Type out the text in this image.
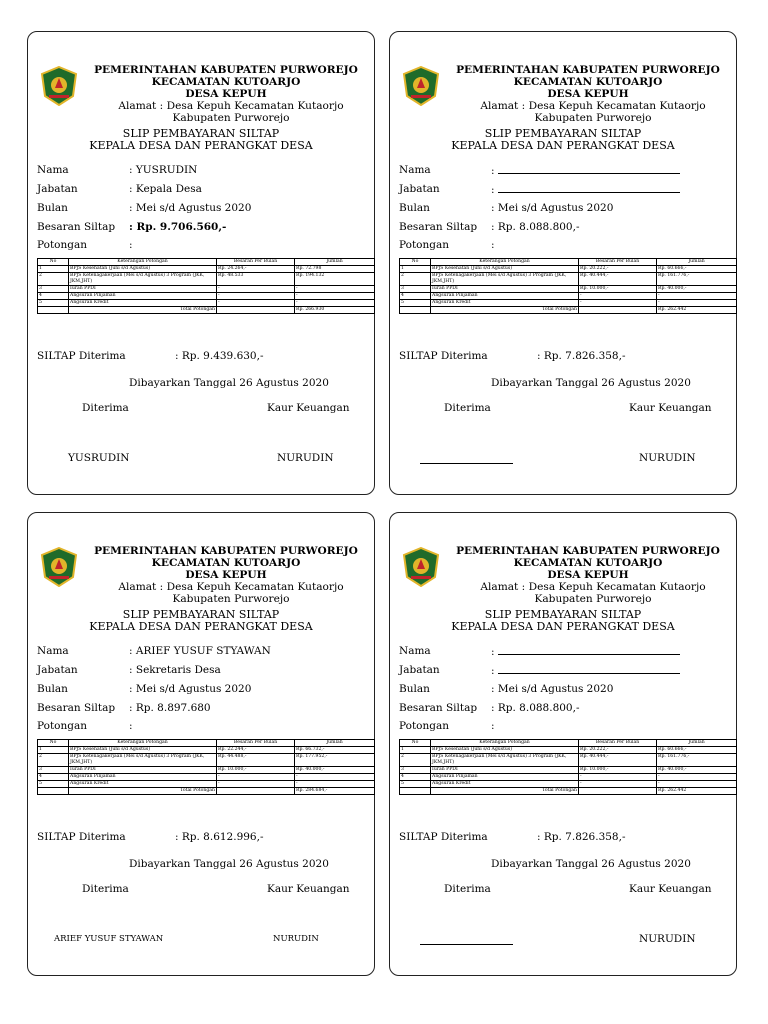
PEMERINTAHAN KABUPATEN PURWOREJO
KECAMATAN KUTOARJO
DESA KEPUH
Alamat : Desa Kepuh Kecamatan Kutaorjo
Kabupaten Purworejo
SLIP PEMBAYARAN SILTAP
KEPALA DESA DAN PERANGKAT DESA
Nama	: YUSRUDIN
Jabatan	: Kepala Desa
Bulan	: Mei s/d Agustus 2020
Besaran Siltap : Rp. 9.706.560,-
Potongan	:
No	Keterangan Potongan	Besaran Per Bulan	Jumlah
1	BPJS Kesehatan (Juni s/d Agustus)	Rp. 24.264,-	Rp. 72.798
2	BPJS Ketenagakerjaan (Mei s/d Agustus) 3 Program (JKK, JKM,JHT)	Rp. 48.533	Rp. 194.132
3	Iuran PPDI	-	-
4	Angsuran Pinjaman	-	-
5	Angsuran Kredit	-	-
	Total Potongan		Rp. 266.930
SILTAP Diterima	: Rp. 9.439.630,-
Dibayarkan Tanggal 26 Agustus 2020
Diterima	Kaur Keuangan
YUSRUDIN	NURUDIN
PEMERINTAHAN KABUPATEN PURWOREJO
KECAMATAN KUTOARJO
DESA KEPUH
Alamat : Desa Kepuh Kecamatan Kutaorjo
Kabupaten Purworejo
SLIP PEMBAYARAN SILTAP
KEPALA DESA DAN PERANGKAT DESA
Nama	:
Jabatan	:
Bulan	: Mei s/d Agustus 2020
Besaran Siltap : Rp. 8.088.800,-
Potongan	:
No	Keterangan Potongan	Besaran Per Bulan	Jumlah
1	BPJS Kesehatan (Juni s/d Agustus)	Rp. 20.222,-	Rp. 60.666,-
2	BPJS Ketenagakerjaan (Mei s/d Agustus) 3 Program (JKK, JKM,JHT)	Rp. 40.444,-	Rp. 161.776,-
3	Iuran PPDI	Rp. 10.000,-	Rp. 40.000,-
4	Angsuran Pinjaman	-	-
5	Angsuran Kredit	-	-
	Total Potongan		Rp. 262.442
SILTAP Diterima	: Rp. 7.826.358,-
Dibayarkan Tanggal 26 Agustus 2020
Diterima	Kaur Keuangan
NURUDIN
PEMERINTAHAN KABUPATEN PURWOREJO
KECAMATAN KUTOARJO
DESA KEPUH
Alamat : Desa Kepuh Kecamatan Kutaorjo
Kabupaten Purworejo
SLIP PEMBAYARAN SILTAP
KEPALA DESA DAN PERANGKAT DESA
Nama	: ARIEF YUSUF STYAWAN
Jabatan	: Sekretaris Desa
Bulan	: Mei s/d Agustus 2020
Besaran Siltap : Rp. 8.897.680
Potongan	:
No	Keterangan Potongan	Besaran Per Bulan	Jumlah
1	BPJS Kesehatan (Juni s/d Agustus)	Rp. 22.244,-	Rp. 66.732,-
2	BPJS Ketenagakerjaan (Mei s/d Agustus) 3 Program (JKK, JKM,JHT)	Rp. 44.488,-	Rp. 177.952,-
3	Iuran PPDI	Rp. 10.000,-	Rp. 40.000,-
4	Angsuran Pinjaman	-	-
5	Angsuran Kredit	-	-
	Total Potongan		Rp. 284.684,-
SILTAP Diterima	: Rp. 8.612.996,-
Dibayarkan Tanggal 26 Agustus 2020
Diterima	Kaur Keuangan
ARIEF YUSUF STYAWAN	NURUDIN
PEMERINTAHAN KABUPATEN PURWOREJO
KECAMATAN KUTOARJO
DESA KEPUH
Alamat : Desa Kepuh Kecamatan Kutaorjo
Kabupaten Purworejo
SLIP PEMBAYARAN SILTAP
KEPALA DESA DAN PERANGKAT DESA
Nama	:
Jabatan	:
Bulan	: Mei s/d Agustus 2020
Besaran Siltap : Rp. 8.088.800,-
Potongan	:
No	Keterangan Potongan	Besaran Per Bulan	Jumlah
1	BPJS Kesehatan (Juni s/d Agustus)	Rp. 20.222,-	Rp. 60.666,-
2	BPJS Ketenagakerjaan (Mei s/d Agustus) 3 Program (JKK, JKM,JHT)	Rp. 40.444,-	Rp. 161.776,-
3	Iuran PPDI	Rp. 10.000,-	Rp. 40.000,-
4	Angsuran Pinjaman	-	-
5	Angsuran Kredit	-	-
	Total Potongan		Rp. 262.442
SILTAP Diterima	: Rp. 7.826.358,-
Dibayarkan Tanggal 26 Agustus 2020
Diterima	Kaur Keuangan
NURUDIN
